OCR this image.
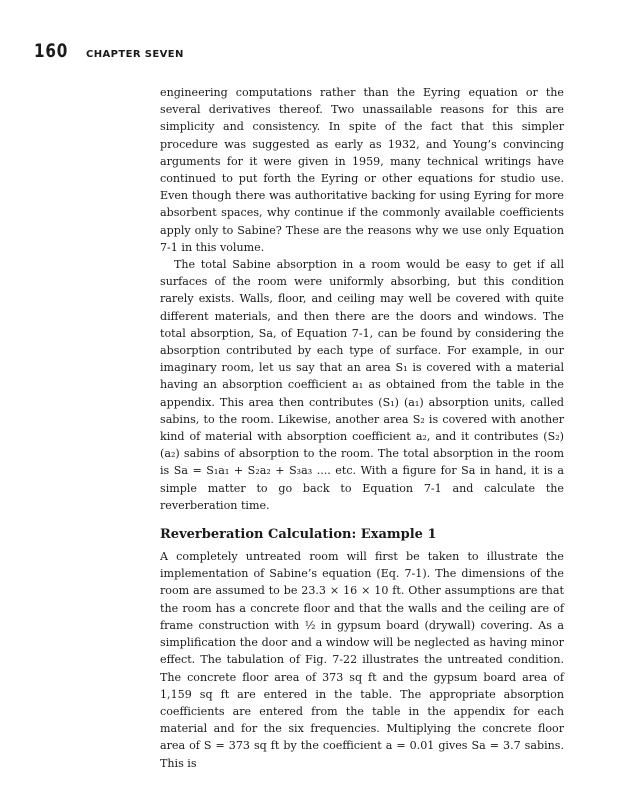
160 CHAPTER SEVEN

engineering computations rather than the Eyring equation or the several derivatives thereof. Two unassailable reasons for this are simplicity and consistency. In spite of the fact that this simpler procedure was suggested as early as 1932, and Young’s convincing arguments for it were given in 1959, many technical writings have continued to put forth the Eyring or other equations for studio use. Even though there was authoritative backing for using Eyring for more absorbent spaces, why continue if the commonly available coefficients apply only to Sabine? These are the reasons why we use only Equation 7-1 in this volume.

The total Sabine absorption in a room would be easy to get if all surfaces of the room were uniformly absorbing, but this condition rarely exists. Walls, floor, and ceiling may well be covered with quite different materials, and then there are the doors and windows. The total absorption, Sa, of Equation 7-1, can be found by considering the absorption contributed by each type of surface. For example, in our imaginary room, let us say that an area S₁ is covered with a material having an absorption coefficient a₁ as obtained from the table in the appendix. This area then contributes (S₁) (a₁) absorption units, called sabins, to the room. Likewise, another area S₂ is covered with another kind of material with absorption coefficient a₂, and it contributes (S₂) (a₂) sabins of absorption to the room. The total absorption in the room is Sa = S₁a₁ + S₂a₂ + S₃a₃ .... etc. With a figure for Sa in hand, it is a simple matter to go back to Equation 7-1 and calculate the reverberation time.

Reverberation Calculation: Example 1

A completely untreated room will first be taken to illustrate the implementation of Sabine’s equation (Eq. 7-1). The dimensions of the room are assumed to be 23.3 × 16 × 10 ft. Other assumptions are that the room has a concrete floor and that the walls and the ceiling are of frame construction with ½ in gypsum board (drywall) covering. As a simplification the door and a window will be neglected as having minor effect. The tabulation of Fig. 7-22 illustrates the untreated condition. The concrete floor area of 373 sq ft and the gypsum board area of 1,159 sq ft are entered in the table. The appropriate absorption coefficients are entered from the table in the appendix for each material and for the six frequencies. Multiplying the concrete floor area of S = 373 sq ft by the coefficient a = 0.01 gives Sa = 3.7 sabins. This is
